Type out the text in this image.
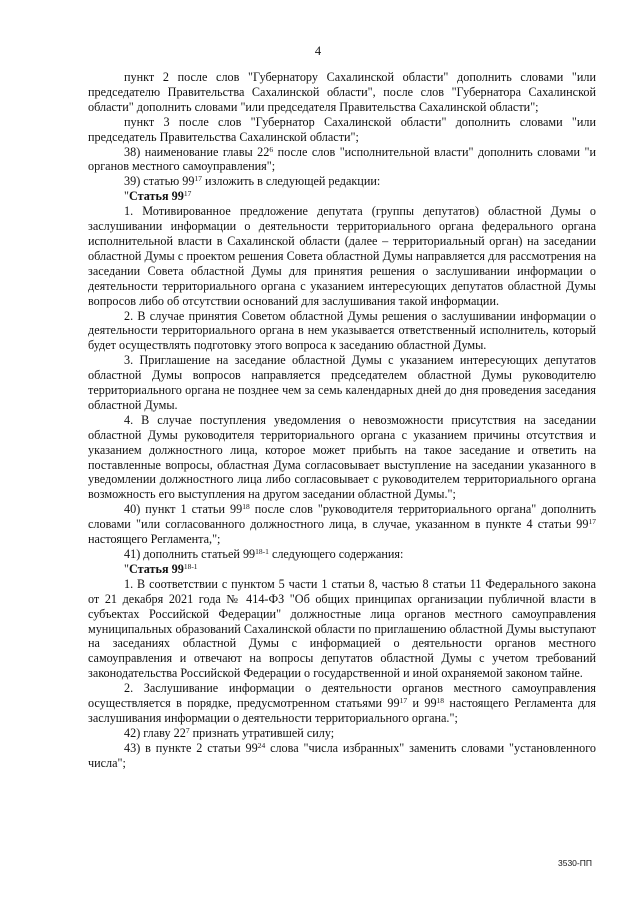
4

пункт 2 после слов "Губернатору Сахалинской области" дополнить словами "или председателю Правительства Сахалинской области", после слов "Губернатора Сахалинской области" дополнить словами "или председателя Правительства Сахалинской области";

пункт 3 после слов "Губернатор Сахалинской области" дополнить словами "или председатель Правительства Сахалинской области";

38) наименование главы $22^6$ после слов "исполнительной власти" дополнить словами "и органов местного самоуправления";

39) статью $99^{17}$ изложить в следующей редакции:

"Статья $99^{17}$

1. Мотивированное предложение депутата (группы депутатов) областной Думы о заслушивании информации о деятельности территориального органа федерального органа исполнительной власти в Сахалинской области (далее – территориальный орган) на заседании областной Думы с проектом решения Совета областной Думы направляется для рассмотрения на заседании Совета областной Думы для принятия решения о заслушивании информации о деятельности территориального органа с указанием интересующих депутатов областной Думы вопросов либо об отсутствии оснований для заслушивания такой информации.

2. В случае принятия Советом областной Думы решения о заслушивании информации о деятельности территориального органа в нем указывается ответственный исполнитель, который будет осуществлять подготовку этого вопроса к заседанию областной Думы.

3. Приглашение на заседание областной Думы с указанием интересующих депутатов областной Думы вопросов направляется председателем областной Думы руководителю территориального органа не позднее чем за семь календарных дней до дня проведения заседания областной Думы.

4. В случае поступления уведомления о невозможности присутствия на заседании областной Думы руководителя территориального органа с указанием причины отсутствия и указанием должностного лица, которое может прибыть на такое заседание и ответить на поставленные вопросы, областная Дума согласовывает выступление на заседании указанного в уведомлении должностного лица либо согласовывает с руководителем территориального органа возможность его выступления на другом заседании областной Думы.";

40) пункт 1 статьи $99^{18}$ после слов "руководителя территориального органа" дополнить словами "или согласованного должностного лица, в случае, указанном в пункте 4 статьи $99^{17}$ настоящего Регламента,";

41) дополнить статьей 99$^{18-1}$ следующего содержания:

"Статья 99$^{18-1}$

1. В соответствии с пунктом 5 части 1 статьи 8, частью 8 статьи 11 Федерального закона от 21 декабря 2021 года № 414-ФЗ "Об общих принципах организации публичной власти в субъектах Российской Федерации" должностные лица органов местного самоуправления муниципальных образований Сахалинской области по приглашению областной Думы выступают на заседаниях областной Думы с информацией о деятельности органов местного самоуправления и отвечают на вопросы депутатов областной Думы с учетом требований законодательства Российской Федерации о государственной и иной охраняемой законом тайне.

2. Заслушивание информации о деятельности органов местного самоуправления осуществляется в порядке, предусмотренном статьями $99^{17}$ и $99^{18}$ настоящего Регламента для заслушивания информации о деятельности территориального органа.";

42) главу $22^7$ признать утратившей силу;

43) в пункте 2 статьи $99^{24}$ слова "числа избранных" заменить словами "установленного числа";

3530-ПП
